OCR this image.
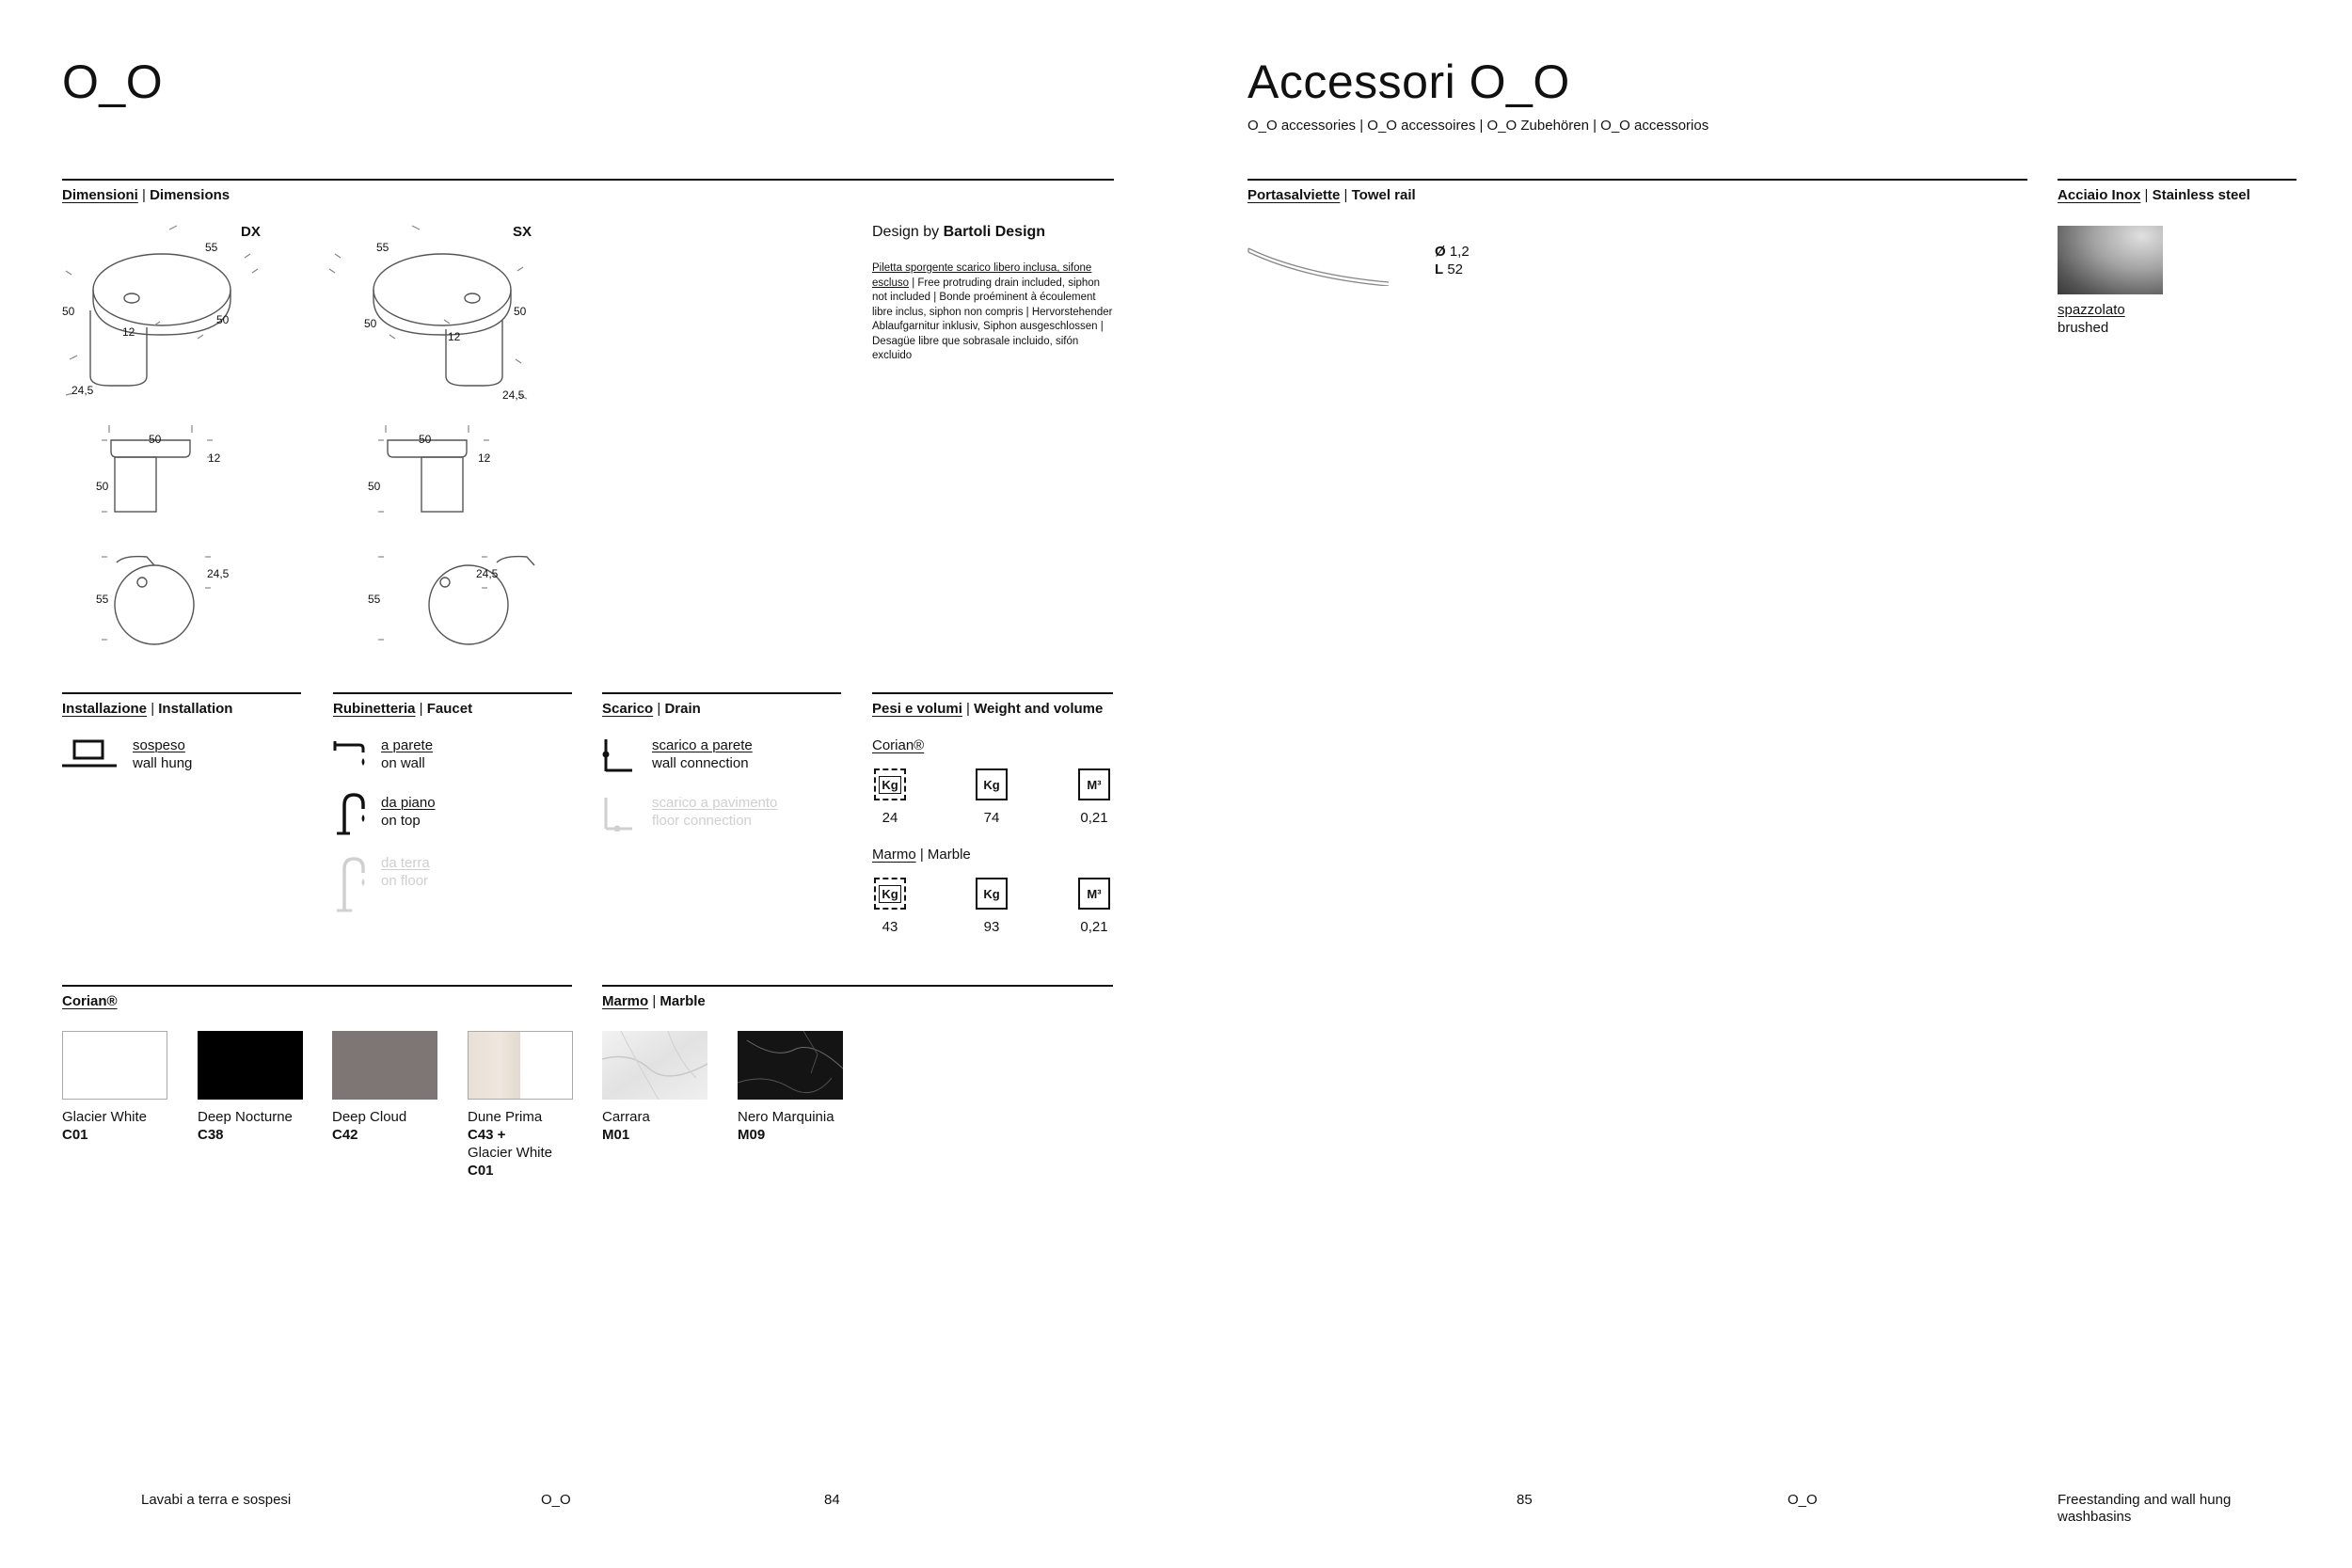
O_O
Dimensioni | Dimensions
DX	SX
55
50
12
50
24,5
55
50
12
50
24,5
50
12
50
50
12
50
24,5
55
24,5
55
Design by Bartoli Design
Piletta sporgente scarico libero inclusa, sifone escluso | Free protruding drain included, siphon not included | Bonde proéminent à écoulement libre inclus, siphon non compris | Hervorstehender Ablaufgarnitur inklusiv, Siphon ausgeschlossen | Desagüe libre que sobrasale incluido, sifón excluido
Installazione | Installation
sospeso
wall hung
Rubinetteria | Faucet
a parete
on wall
da piano
on top
da terra
on floor
Scarico | Drain
scarico a parete
wall connection
scarico a pavimento
floor connection
Pesi e volumi | Weight and volume
Corian®
Kg	Kg	M³
24	74	0,21
Marmo | Marble
Kg	Kg	M³
43	93	0,21
Corian®
Glacier White
C01
Deep Nocturne
C38
Deep Cloud
C42
Dune Prima
C43 +
Glacier White
C01
Marmo | Marble
Carrara
M01
Nero Marquinia
M09
Lavabi a terra e sospesi	O_O	84
Accessori O_O
O_O accessories | O_O accessoires | O_O Zubehören | O_O accessorios
Portasalviette | Towel rail
Ø 1,2
L 52
Acciaio Inox | Stainless steel
spazzolato
brushed
85	O_O	Freestanding and wall hung
washbasins
